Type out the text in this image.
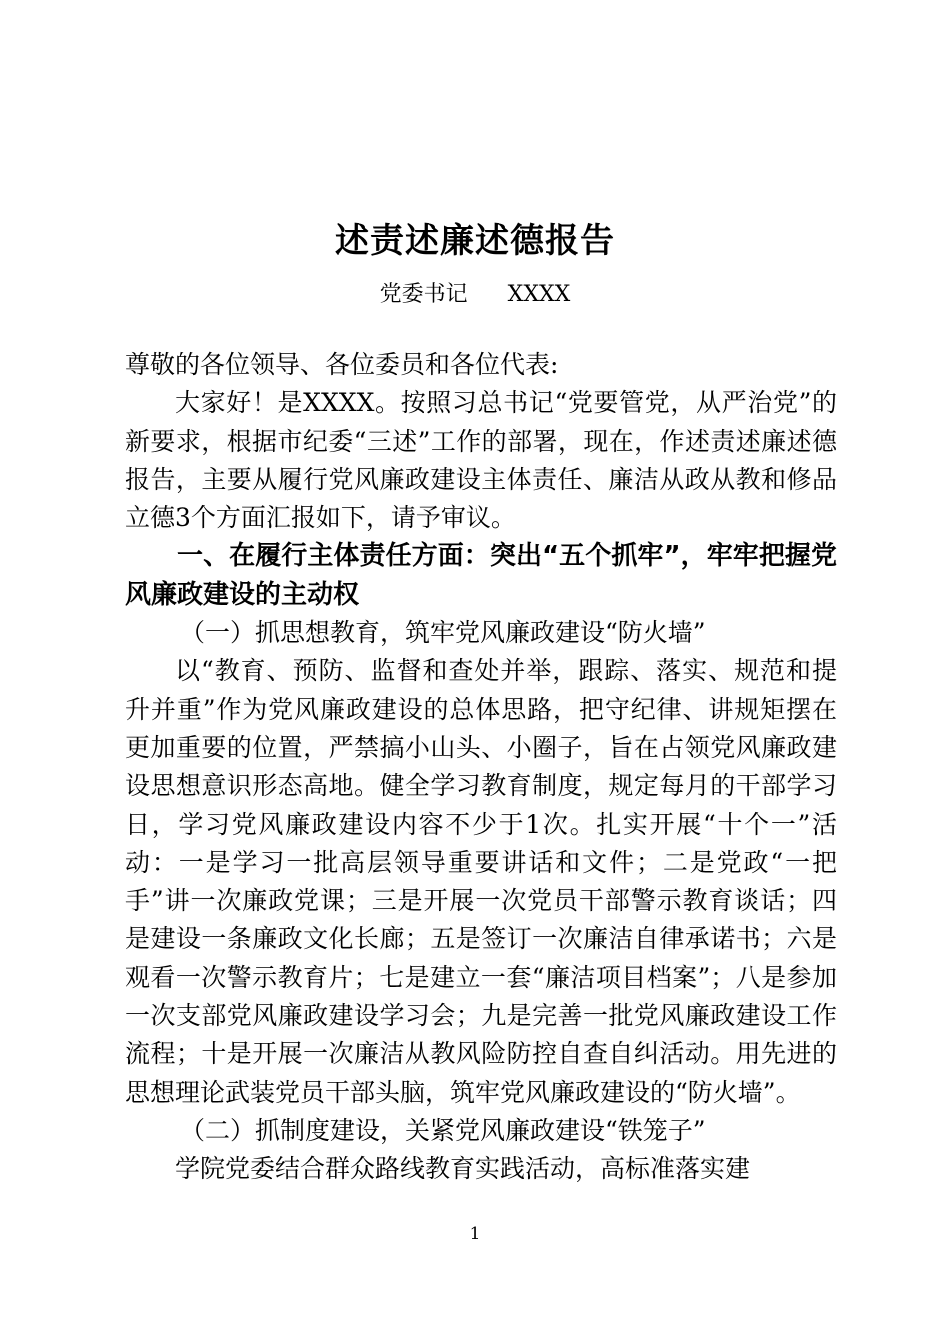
述责述廉述德报告
党委书记 XXXX

尊敬的各位领导、各位委员和各位代表:

大家好！是XXXX。按照习总书记“党要管党，从严治党”的新要求，根据市纪委“三述”工作的部署，现在，作述责述廉述德报告，主要从履行党风廉政建设主体责任、廉洁从政从教和修品立德3个方面汇报如下，请予审议。

一、在履行主体责任方面：突出“五个抓牢”，牢牢把握党风廉政建设的主动权

（一）抓思想教育，筑牢党风廉政建设“防火墙”

以“教育、预防、监督和查处并举，跟踪、落实、规范和提升并重”作为党风廉政建设的总体思路，把守纪律、讲规矩摆在更加重要的位置，严禁搞小山头、小圈子，旨在占领党风廉政建设思想意识形态高地。健全学习教育制度，规定每月的干部学习日，学习党风廉政建设内容不少于1次。扎实开展“十个一”活动：一是学习一批高层领导重要讲话和文件；二是党政“一把手”讲一次廉政党课；三是开展一次党员干部警示教育谈话；四是建设一条廉政文化长廊；五是签订一次廉洁自律承诺书；六是观看一次警示教育片；七是建立一套“廉洁项目档案”；八是参加一次支部党风廉政建设学习会；九是完善一批党风廉政建设工作流程；十是开展一次廉洁从教风险防控自查自纠活动。用先进的思想理论武装党员干部头脑，筑牢党风廉政建设的“防火墙”。

（二）抓制度建设，关紧党风廉政建设“铁笼子”

学院党委结合群众路线教育实践活动，高标准落实建

1
